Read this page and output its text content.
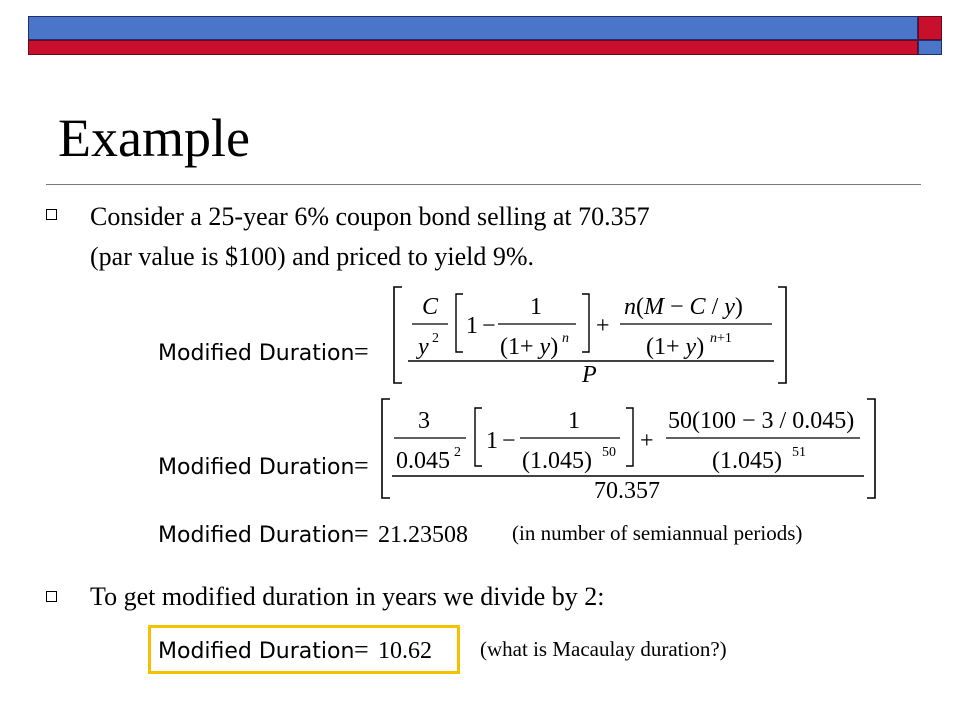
Example
Consider a 25-year 6% coupon bond selling at 70.357
(par value is $100) and priced to yield 9%.
Modified Duration =
C
y 2 1 −
1
(1+ y) n +
n(M − C / y)
(1+ y) n+1
P
Modified Duration =
3
0.045 2 1 −
1
(1.045) 50 +
50(100 − 3 / 0.045)
(1.045) 51
70.357
Modified Duration = 21.23508 (in number of semiannual periods)
To get modified duration in years we divide by 2:
Modified Duration = 10.62 (what is Macaulay duration?)
